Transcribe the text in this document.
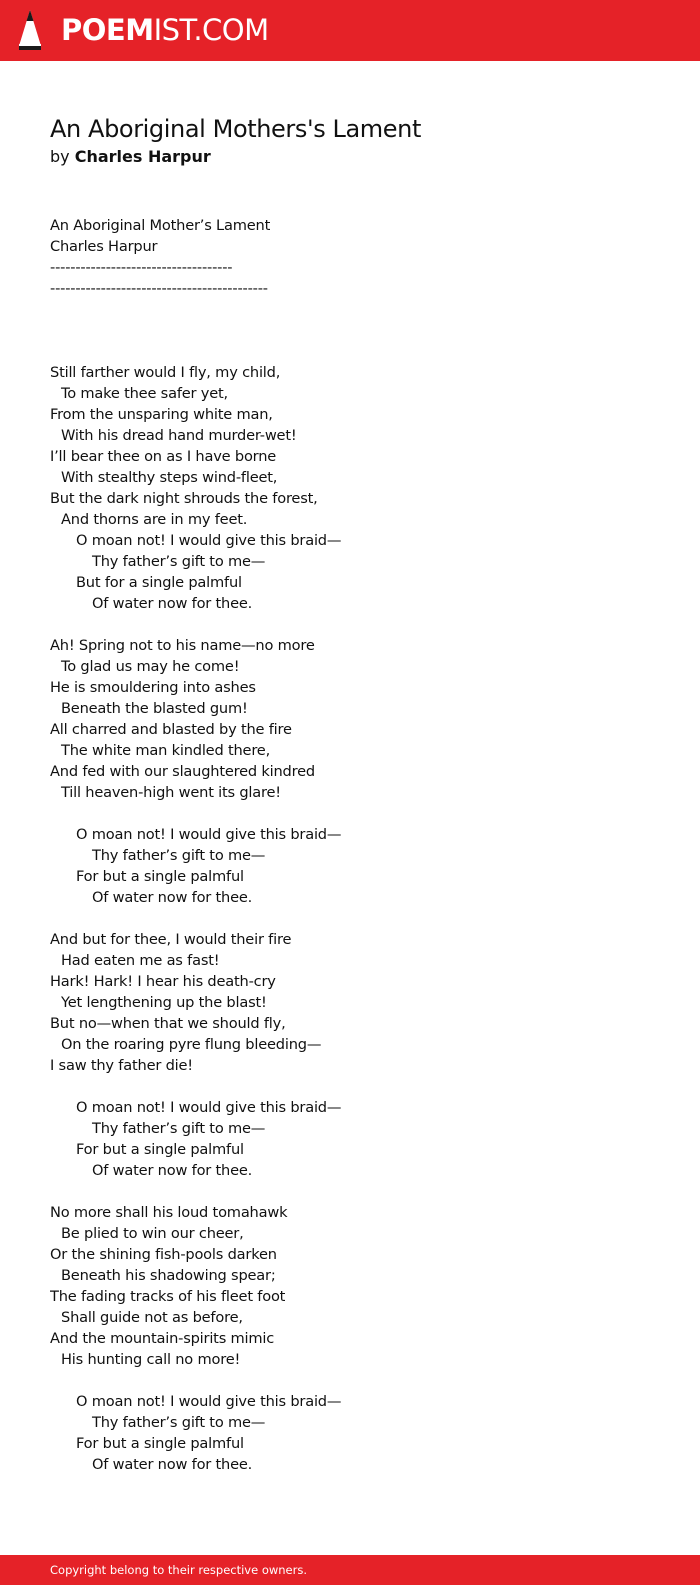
POEMIST.COM
An Aboriginal Mothers's Lament

by Charles Harpur

An Aboriginal Mother’s Lament
Charles Harpur
------------------------------------
-------------------------------------------
Still farther would I fly, my child,
To make thee safer yet,
From the unsparing white man,
With his dread hand murder-wet!
I’ll bear thee on as I have borne
With stealthy steps wind-fleet,
But the dark night shrouds the forest,
And thorns are in my feet.
O moan not! I would give this braid—
Thy father’s gift to me—
But for a single palmful
Of water now for thee.
Ah! Spring not to his name—no more
To glad us may he come!
He is smouldering into ashes
Beneath the blasted gum!
All charred and blasted by the fire
The white man kindled there,
And fed with our slaughtered kindred
Till heaven-high went its glare!
O moan not! I would give this braid—
Thy father’s gift to me—
For but a single palmful
Of water now for thee.
And but for thee, I would their fire
Had eaten me as fast!
Hark! Hark! I hear his death-cry
Yet lengthening up the blast!
But no—when that we should fly,
On the roaring pyre flung bleeding—
I saw thy father die!
O moan not! I would give this braid—
Thy father’s gift to me—
For but a single palmful
Of water now for thee.
No more shall his loud tomahawk
Be plied to win our cheer,
Or the shining fish-pools darken
Beneath his shadowing spear;
The fading tracks of his fleet foot
Shall guide not as before,
And the mountain-spirits mimic
His hunting call no more!
O moan not! I would give this braid—
Thy father’s gift to me—
For but a single palmful
Of water now for thee.
Copyright belong to their respective owners.
